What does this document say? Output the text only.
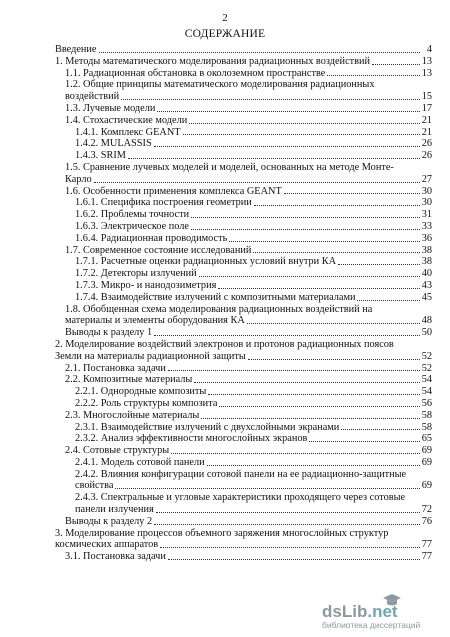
2
СОДЕРЖАНИЕ
Введение	4
1. Методы математического моделирования радиационных воздействий	13
1.1. Радиационная обстановка в околоземном пространстве	13
1.2. Общие принципы математического моделирования радиационных
воздействий	15
1.3. Лучевые модели	17
1.4. Стохастические модели	21
1.4.1. Комплекс GEANT	21
1.4.2. MULASSIS	26
1.4.3. SRIM	26
1.5. Сравнение лучевых моделей и моделей, основанных на методе Монте-
Карло	27
1.6. Особенности применения комплекса GEANT	30
1.6.1. Специфика построения геометрии	30
1.6.2. Проблемы точности	31
1.6.3. Электрическое поле	33
1.6.4. Радиационная проводимость	36
1.7. Современное состояние исследований	38
1.7.1. Расчетные оценки радиационных условий внутри КА	38
1.7.2. Детекторы излучений	40
1.7.3. Микро- и нанодозиметрия	43
1.7.4. Взаимодействие излучений с композитными материалами	45
1.8. Обобщенная схема моделирования радиационных воздействий на
материалы и элементы оборудования КА	48
Выводы к разделу 1	50
2. Моделирование воздействий электронов и протонов радиационных поясов
Земли на материалы радиационной защиты	52
2.1. Постановка задачи	52
2.2. Композитные материалы	54
2.2.1. Однородные композиты	54
2.2.2. Роль структуры композита	56
2.3. Многослойные материалы	58
2.3.1. Взаимодействие излучений с двухслойными экранами	58
2.3.2. Анализ эффективности многослойных экранов	65
2.4. Сотовые структуры	69
2.4.1. Модель сотовой панели	69
2.4.2. Влияния конфигурации сотовой панели на ее радиационно-защитные
свойства	69
2.4.3. Спектральные и угловые характеристики проходящего через сотовые
панели излучения	72
Выводы к разделу 2	76
3. Моделирование процессов объемного заряжения многослойных структур
космических аппаратов	77
3.1. Постановка задачи	77
dsLib.net
библиотека диссертаций
